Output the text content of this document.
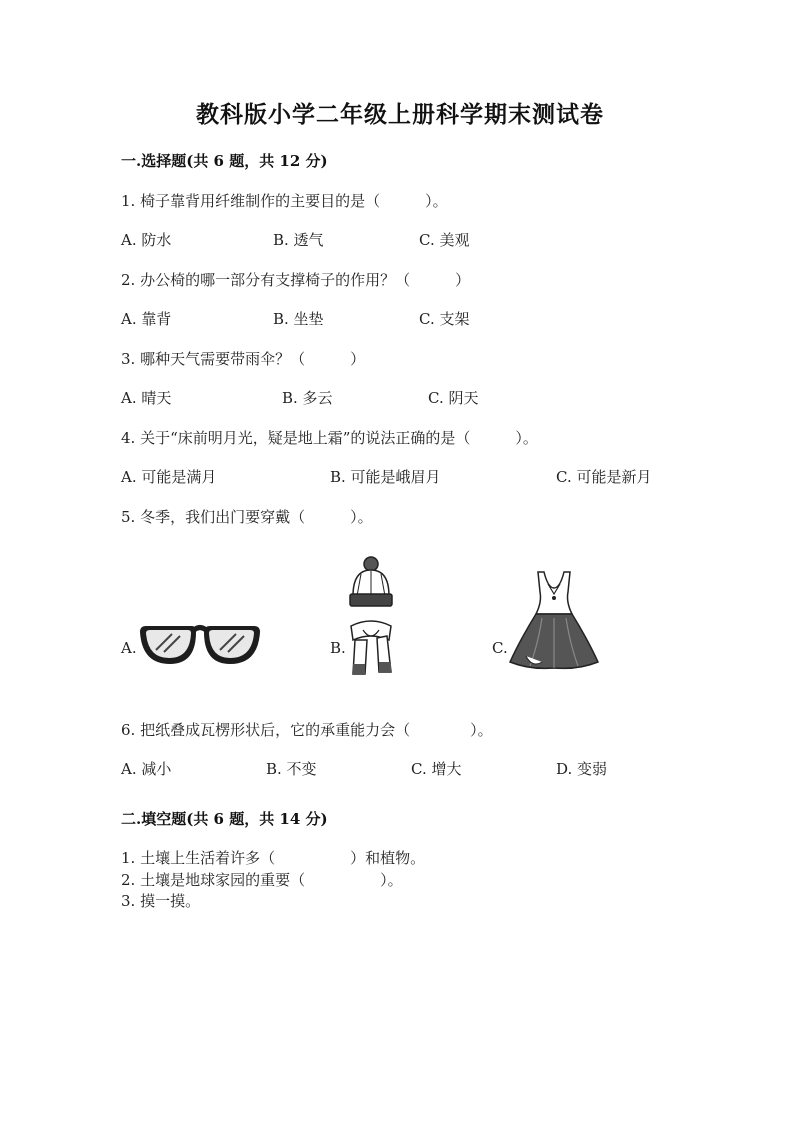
教科版小学二年级上册科学期末测试卷
一.选择题(共 6 题，共 12 分)
1. 椅子靠背用纤维制作的主要目的是（　　　）。
A. 防水	B. 透气	C. 美观
2. 办公椅的哪一部分有支撑椅子的作用？（　　　）
A. 靠背	B. 坐垫	C. 支架
3. 哪种天气需要带雨伞？（　　　）
A. 晴天	B. 多云	C. 阴天
4. 关于“床前明月光，疑是地上霜”的说法正确的是（　　　）。
A. 可能是满月	B. 可能是峨眉月	C. 可能是新月
5. 冬季，我们出门要穿戴（　　　）。
A.	B.	C.
6. 把纸叠成瓦楞形状后，它的承重能力会（　　　　）。
A. 减小	B. 不变	C. 增大	D. 变弱
二.填空题(共 6 题，共 14 分)
1. 土壤上生活着许多（　　　　　）和植物。
2. 土壤是地球家园的重要（　　　　　）。
3. 摸一摸。
